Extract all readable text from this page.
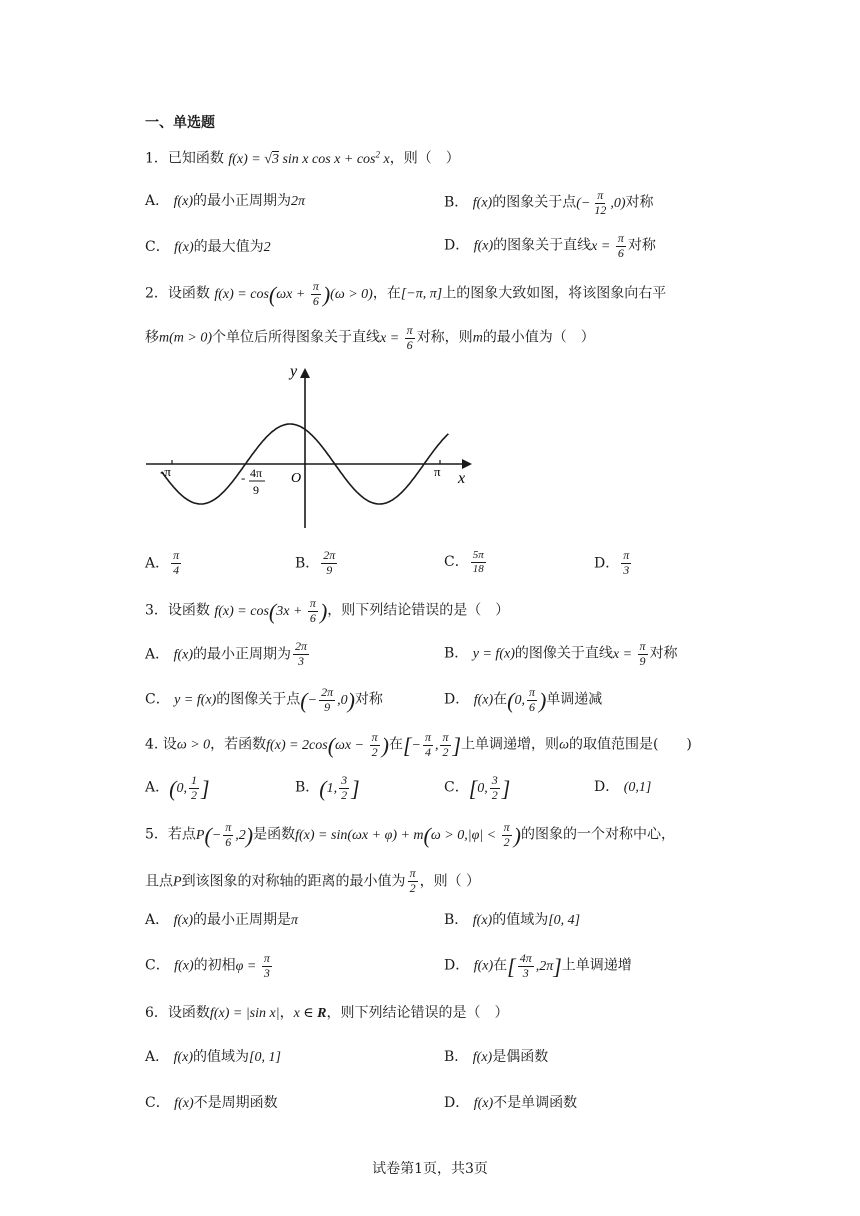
一、单选题
1．已知函数 f(x) = √3 sin x $\cos x + \cos^2 x$，则（　）
A． f(x)的最小正周期为2π	B． f(x)的图象关于点(− $\frac{\pi}{12} ,0$)对称
C． f(x)的最大值为2	D． f(x)的图象关于直线$x = \frac{\pi}{6}$ 对称
2．设函数 $f(x) = \cos(\omega x + \frac{\pi}{6} )(\omega > 0)$，在[−π, π]上的图象大致如图，将该图象向右平
移m(m > 0)个单位后所得图象关于直线$x = \frac{\pi}{6}$ 对称，则m的最小值为（　）
y
x
O
-π	π
- 4π
9
A． $\frac{\pi}{4}$	B． $\frac{2\pi}{9}$	C． $\frac{5\pi}{18}$	D． $\frac{\pi}{3}$
3．设函数 $f(x) = \cos(3x + \frac{\pi}{6}$ )，则下列结论错误的是（　）
A． f(x)的最小正周期为 $\frac{2\pi}{3}$	B． y = f(x)的图像关于直线$x = \frac{\pi}{9}$ 对称
C． y = f(x)的图像关于点(− $\frac{2\pi}{9} ,0$)对称	D． f(x)在(0, $\frac{\pi}{6}$ )单调递减
4. 设ω > 0，若函数$f(x) = 2\cos(\omega x - \frac{\pi}{2}$ )在[− $\frac{\pi}{4}$ , $\frac{\pi}{2}$ ]上单调递增，则ω的取值范围是(　　)
A．(0, $\frac{1}{2}$ ]	B．(1, $\frac{3}{2}$ ]	C．[0, $\frac{3}{2}$ ]	D． (0,1]
5．若点$P(- \frac{\pi}{6} ,2)$是函数$f(x) = \sin(\omega x + \varphi) + m(\omega > 0,|\varphi| < \frac{\pi}{2}$ )的图象的一个对称中心，
且点P到该图象的对称轴的距离的最小值为 $\frac{\pi}{2}$ ，则（ ）
A． f(x)的最小正周期是π	B． f(x)的值域为[0, 4]
C． f(x)的初相$\varphi = \frac{\pi}{3}$	D． f(x)在[ $\frac{4\pi}{3} ,2\pi$]上单调递增
6．设函数f(x) = |sin x|，x ∈ R，则下列结论错误的是（　）
A． f(x)的值域为[0, 1]	B． f(x)是偶函数
C． f(x)不是周期函数	D． f(x)不是单调函数
试卷第1页，共3页
